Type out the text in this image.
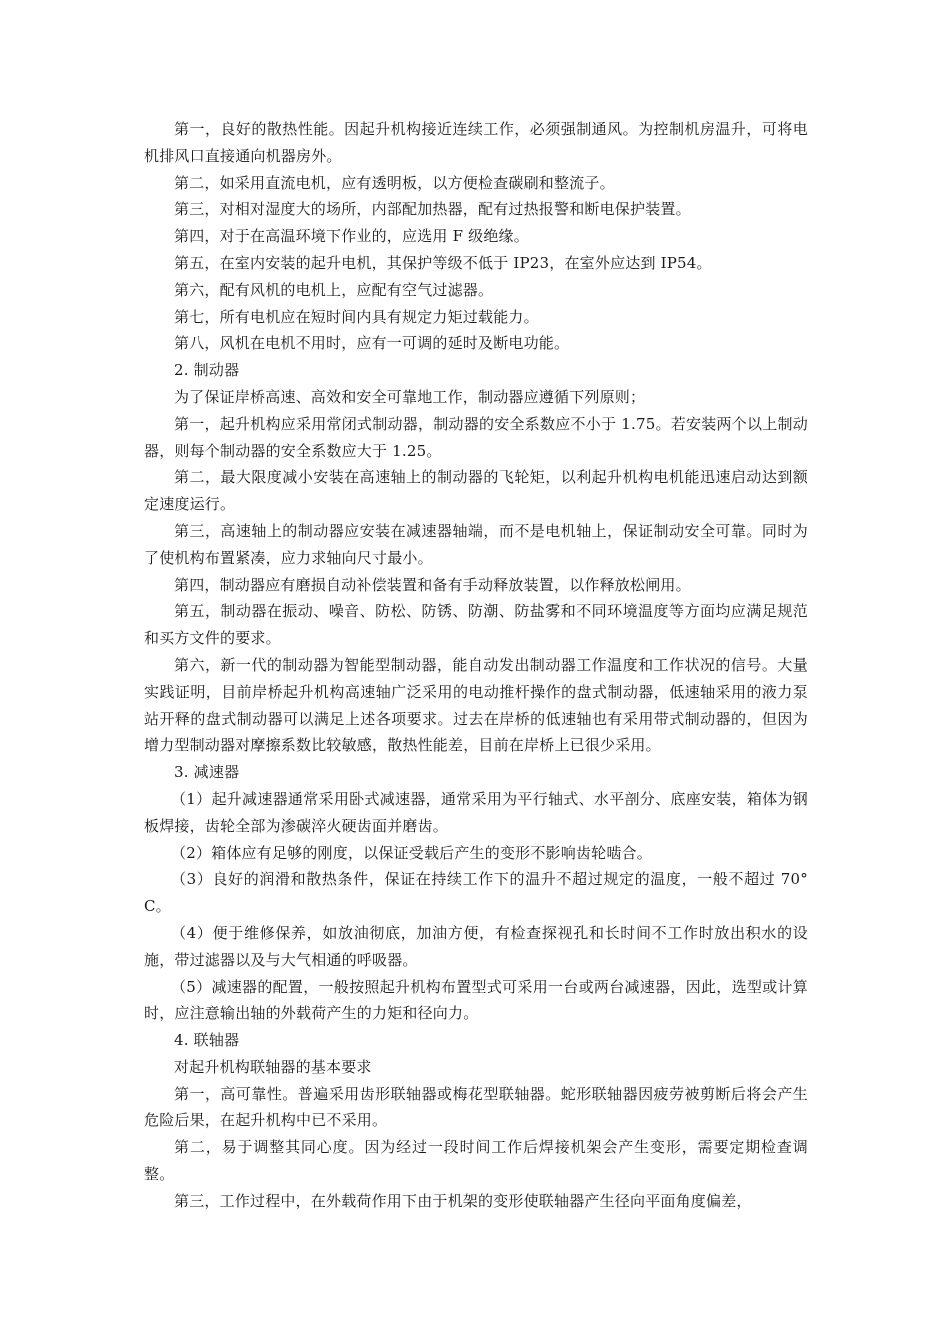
第一，良好的散热性能。因起升机构接近连续工作，必须强制通风。为控制机房温升，可将电机排风口直接通向机器房外。

第二，如采用直流电机，应有透明板，以方便检查碳刷和整流子。

第三，对相对湿度大的场所，内部配加热器，配有过热报警和断电保护装置。

第四，对于在高温环境下作业的，应选用 F 级绝缘。

第五，在室内安装的起升电机，其保护等级不低于 IP23，在室外应达到 IP54。

第六，配有风机的电机上，应配有空气过滤器。

第七，所有电机应在短时间内具有规定力矩过载能力。

第八，风机在电机不用时，应有一可调的延时及断电功能。

2. 制动器

为了保证岸桥高速、高效和安全可靠地工作，制动器应遵循下列原则；

第一，起升机构应采用常闭式制动器，制动器的安全系数应不小于 1.75。若安装两个以上制动器，则每个制动器的安全系数应大于 1.25。

第二，最大限度减小安装在高速轴上的制动器的飞轮矩，以利起升机构电机能迅速启动达到额定速度运行。

第三，高速轴上的制动器应安装在减速器轴端，而不是电机轴上，保证制动安全可靠。同时为了使机构布置紧凑，应力求轴向尺寸最小。

第四，制动器应有磨损自动补偿装置和备有手动释放装置，以作释放松闸用。

第五，制动器在振动、噪音、防松、防锈、防潮、防盐雾和不同环境温度等方面均应满足规范和买方文件的要求。

第六，新一代的制动器为智能型制动器，能自动发出制动器工作温度和工作状况的信号。大量实践证明，目前岸桥起升机构高速轴广泛采用的电动推杆操作的盘式制动器，低速轴采用的液力泵站开释的盘式制动器可以满足上述各项要求。过去在岸桥的低速轴也有采用带式制动器的，但因为增力型制动器对摩擦系数比较敏感，散热性能差，目前在岸桥上已很少采用。

3. 减速器

（1）起升减速器通常采用卧式减速器，通常采用为平行轴式、水平剖分、底座安装，箱体为钢板焊接，齿轮全部为渗碳淬火硬齿面并磨齿。

（2）箱体应有足够的刚度，以保证受载后产生的变形不影响齿轮啮合。

（3）良好的润滑和散热条件，保证在持续工作下的温升不超过规定的温度，一般不超过 70° C。

（4）便于维修保养，如放油彻底，加油方便，有检查探视孔和长时间不工作时放出积水的设施，带过滤器以及与大气相通的呼吸器。

（5）减速器的配置，一般按照起升机构布置型式可采用一台或两台减速器，因此，选型或计算时，应注意输出轴的外载荷产生的力矩和径向力。

4. 联轴器

对起升机构联轴器的基本要求

第一，高可靠性。普遍采用齿形联轴器或梅花型联轴器。蛇形联轴器因疲劳被剪断后将会产生危险后果，在起升机构中已不采用。

第二，易于调整其同心度。因为经过一段时间工作后焊接机架会产生变形，需要定期检查调整。

第三，工作过程中，在外载荷作用下由于机架的变形使联轴器产生径向平面角度偏差，
